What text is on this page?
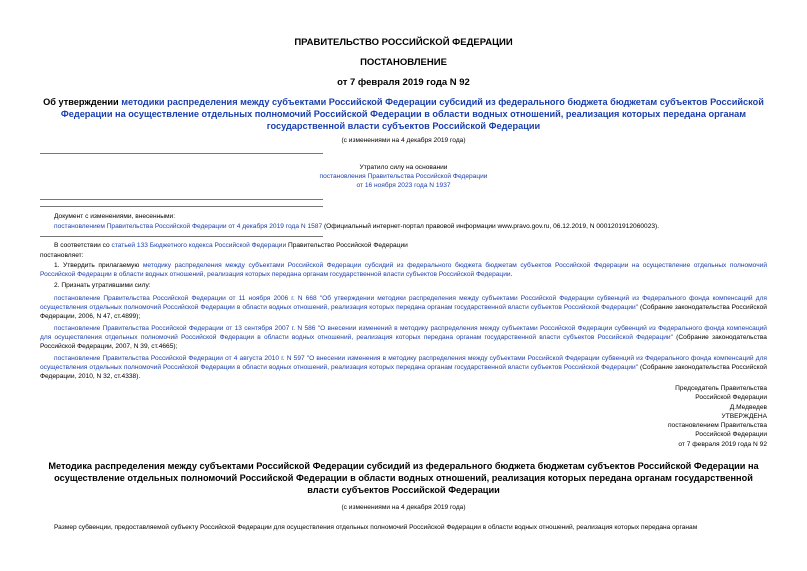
ПРАВИТЕЛЬСТВО РОССИЙСКОЙ ФЕДЕРАЦИИ
ПОСТАНОВЛЕНИЕ
от 7 февраля 2019 года N 92
Об утверждении методики распределения между субъектами Российской Федерации субсидий из федерального бюджета бюджетам субъектов Российской Федерации на осуществление отдельных полномочий Российской Федерации в области водных отношений, реализация которых передана органам государственной власти субъектов Российской Федерации
(с изменениями на 4 декабря 2019 года)
Утратило силу на основании
постановления Правительства Российской Федерации
от 16 ноября 2023 года N 1937
Документ с изменениями, внесенными:
постановлением Правительства Российской Федерации от 4 декабря 2019 года N 1587 (Официальный интернет-портал правовой информации www.pravo.gov.ru, 06.12.2019, N 0001201912060023).
В соответствии со статьей 133 Бюджетного кодекса Российской Федерации Правительство Российской Федерации
постановляет:
1. Утвердить прилагаемую методику распределения между субъектами Российской Федерации субсидий из федерального бюджета бюджетам субъектов Российской Федерации на осуществление отдельных полномочий Российской Федерации в области водных отношений, реализация которых передана органам государственной власти субъектов Российской Федерации.
2. Признать утратившими силу:
постановление Правительства Российской Федерации от 11 ноября 2006 г. N 668 "Об утверждении методики распределения между субъектами Российской Федерации субвенций из Федерального фонда компенсаций для осуществления отдельных полномочий Российской Федерации в области водных отношений, реализация которых передана органам государственной власти субъектов Российской Федерации" (Собрание законодательства Российской Федерации, 2006, N 47, ст.4899);
постановление Правительства Российской Федерации от 13 сентября 2007 г. N 586 "О внесении изменений в методику распределения между субъектами Российской Федерации субвенций из Федерального фонда компенсаций для осуществления отдельных полномочий Российской Федерации в области водных отношений, реализация которых передана органам государственной власти субъектов Российской Федерации" (Собрание законодательства Российской Федерации, 2007, N 39, ст.4665);
постановление Правительства Российской Федерации от 4 августа 2010 г. N 597 "О внесении изменения в методику распределения между субъектами Российской Федерации субвенций из Федерального фонда компенсаций для осуществления отдельных полномочий Российской Федерации в области водных отношений, реализация которых передана органам государственной власти субъектов Российской Федерации" (Собрание законодательства Российской Федерации, 2010, N 32, ст.4338).
Председатель Правительства
Российской Федерации
Д.Медведев
УТВЕРЖДЕНА
постановлением Правительства
Российской Федерации
от 7 февраля 2019 года N 92
Методика распределения между субъектами Российской Федерации субсидий из федерального бюджета бюджетам субъектов Российской Федерации на осуществление отдельных полномочий Российской Федерации в области водных отношений, реализация которых передана органам государственной власти субъектов Российской Федерации
(с изменениями на 4 декабря 2019 года)
Размер субвенции, предоставляемой субъекту Российской Федерации для осуществления отдельных полномочий Российской Федерации в области водных отношений, реализация которых передана органам
